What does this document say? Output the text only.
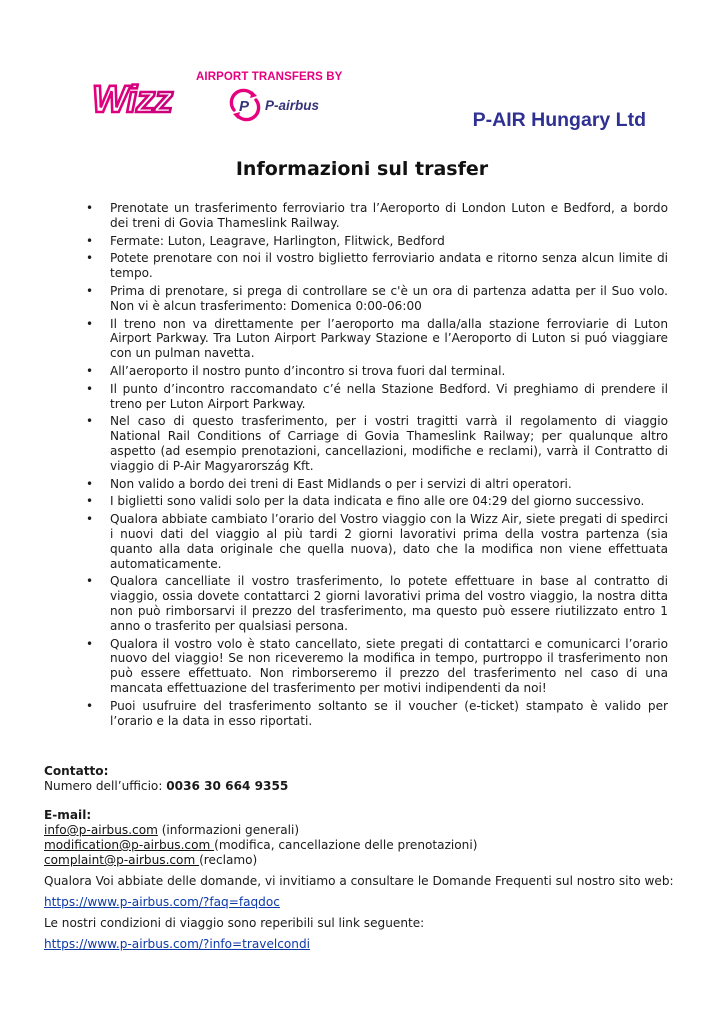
Wizz
AIRPORT TRANSFERS BY
P P-airbus
P-AIR Hungary Ltd
Informazioni sul trasfer
• Prenotate un trasferimento ferroviario tra l’Aeroporto di London Luton e Bedford, a bordo dei treni di Govia Thameslink Railway.
• Fermate: Luton, Leagrave, Harlington, Flitwick, Bedford
• Potete prenotare con noi il vostro biglietto ferroviario andata e ritorno senza alcun limite di tempo.
• Prima di prenotare, si prega di controllare se c'è un ora di partenza adatta per il Suo volo. Non vi è alcun trasferimento: Domenica 0:00-06:00
• Il treno non va direttamente per l’aeroporto ma dalla/alla stazione ferroviarie di Luton Airport Parkway. Tra Luton Airport Parkway Stazione e l’Aeroporto di Luton si puó viaggiare con un pulman navetta.
• All’aeroporto il nostro punto d’incontro si trova fuori dal terminal.
• Il punto d’incontro raccomandato c’é nella Stazione Bedford. Vi preghiamo di prendere il treno per Luton Airport Parkway.
• Nel caso di questo trasferimento, per i vostri tragitti varrà il regolamento di viaggio National Rail Conditions of Carriage di Govia Thameslink Railway; per qualunque altro aspetto (ad esempio prenotazioni, cancellazioni, modifiche e reclami), varrà il Contratto di viaggio di P-Air Magyarország Kft.
• Non valido a bordo dei treni di East Midlands o per i servizi di altri operatori.
• I biglietti sono validi solo per la data indicata e fino alle ore 04:29 del giorno successivo.
• Qualora abbiate cambiato l’orario del Vostro viaggio con la Wizz Air, siete pregati di spedirci i nuovi dati del viaggio al più tardi 2 giorni lavorativi prima della vostra partenza (sia quanto alla data originale che quella nuova), dato che la modifica non viene effettuata automaticamente.
• Qualora cancelliate il vostro trasferimento, lo potete effettuare in base al contratto di viaggio, ossia dovete contattarci 2 giorni lavorativi prima del vostro viaggio, la nostra ditta non può rimborsarvi il prezzo del trasferimento, ma questo può essere riutilizzato entro 1 anno o trasferito per qualsiasi persona.
• Qualora il vostro volo è stato cancellato, siete pregati di contattarci e comunicarci l’orario nuovo del viaggio! Se non riceveremo la modifica in tempo, purtroppo il trasferimento non può essere effettuato. Non rimborseremo il prezzo del trasferimento nel caso di una mancata effettuazione del trasferimento per motivi indipendenti da noi!
• Puoi usufruire del trasferimento soltanto se il voucher (e-ticket) stampato è valido per l’orario e la data in esso riportati.

Contatto:

Numero dell’ufficio: 0036 30 664 9355

E-mail:

info@p-airbus.com (informazioni generali)

modification@p-airbus.com (modifica, cancellazione delle prenotazioni)

complaint@p-airbus.com (reclamo)

Qualora Voi abbiate delle domande, vi invitiamo a consultare le Domande Frequenti sul nostro sito web:

https://www.p-airbus.com/?faq=faqdoc

Le nostri condizioni di viaggio sono reperibili sul link seguente:

https://www.p-airbus.com/?info=travelcondi
